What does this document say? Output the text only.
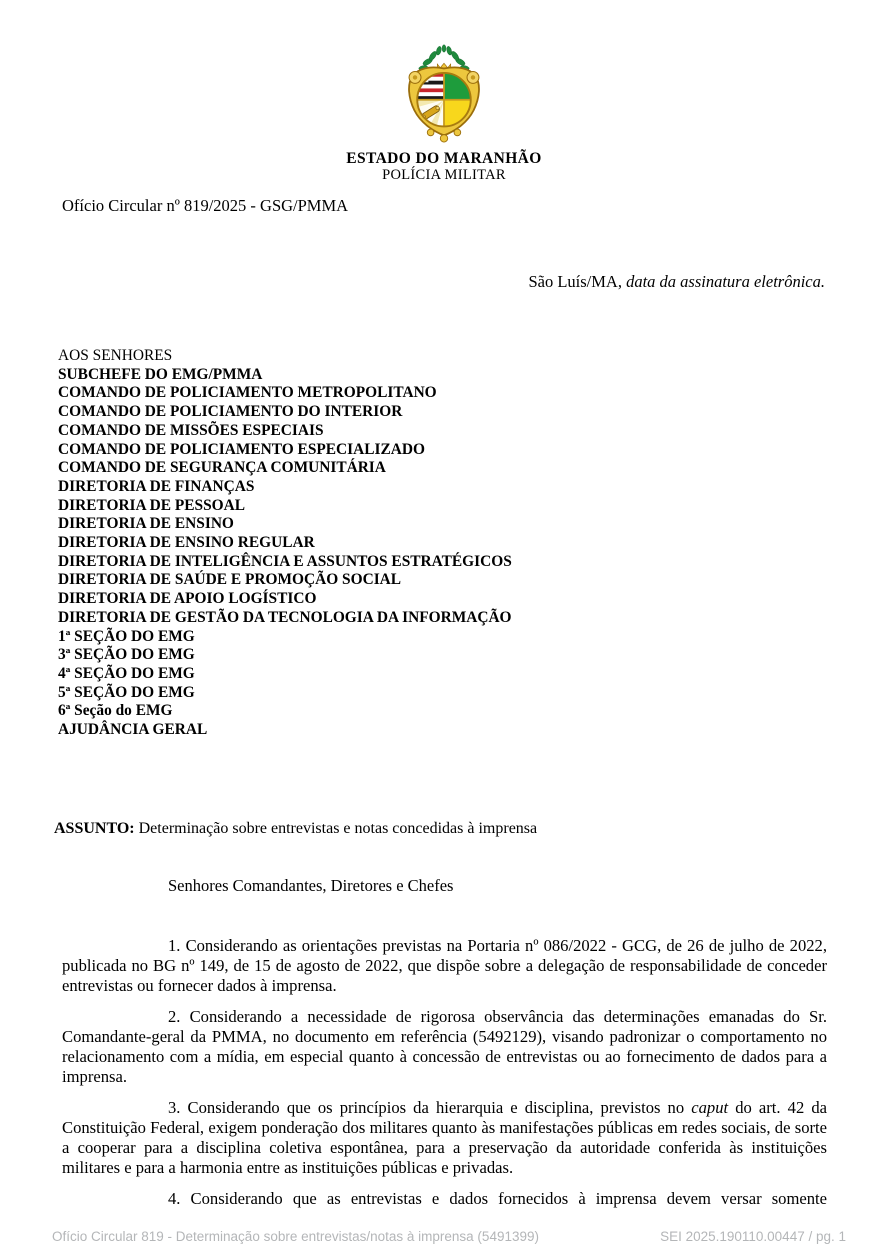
ESTADO DO MARANHÃO
POLÍCIA MILITAR
Ofício Circular nº 819/2025 - GSG/PMMA
São Luís/MA, data da assinatura eletrônica.
AOS SENHORES
SUBCHEFE DO EMG/PMMA
COMANDO DE POLICIAMENTO METROPOLITANO
COMANDO DE POLICIAMENTO DO INTERIOR
COMANDO DE MISSÕES ESPECIAIS
COMANDO DE POLICIAMENTO ESPECIALIZADO
COMANDO DE SEGURANÇA COMUNITÁRIA
DIRETORIA DE FINANÇAS
DIRETORIA DE PESSOAL
DIRETORIA DE ENSINO
DIRETORIA DE ENSINO REGULAR
DIRETORIA DE INTELIGÊNCIA E ASSUNTOS ESTRATÉGICOS
DIRETORIA DE SAÚDE E PROMOÇÃO SOCIAL
DIRETORIA DE APOIO LOGÍSTICO
DIRETORIA DE GESTÃO DA TECNOLOGIA DA INFORMAÇÃO
1ª SEÇÃO DO EMG
3ª SEÇÃO DO EMG
4ª SEÇÃO DO EMG
5ª SEÇÃO DO EMG
6ª Seção do EMG
AJUDÂNCIA GERAL
ASSUNTO: Determinação sobre entrevistas e notas concedidas à imprensa
Senhores Comandantes, Diretores e Chefes

1. Considerando as orientações previstas na Portaria nº 086/2022 - GCG, de 26 de julho de 2022, publicada no BG nº 149, de 15 de agosto de 2022, que dispõe sobre a delegação de responsabilidade de conceder entrevistas ou fornecer dados à imprensa.

2. Considerando a necessidade de rigorosa observância das determinações emanadas do Sr. Comandante-geral da PMMA, no documento em referência (5492129), visando padronizar o comportamento no relacionamento com a mídia, em especial quanto à concessão de entrevistas ou ao fornecimento de dados para a imprensa.

3. Considerando que os princípios da hierarquia e disciplina, previstos no caput do art. 42 da Constituição Federal, exigem ponderação dos militares quanto às manifestações públicas em redes sociais, de sorte a cooperar para a disciplina coletiva espontânea, para a preservação da autoridade conferida às instituições militares e para a harmonia entre as instituições públicas e privadas.

4. Considerando que as entrevistas e dados fornecidos à imprensa devem versar somente

Ofício Circular 819 - Determinação sobre entrevistas/notas à imprensa (5491399)	SEI 2025.190110.00447 / pg. 1
